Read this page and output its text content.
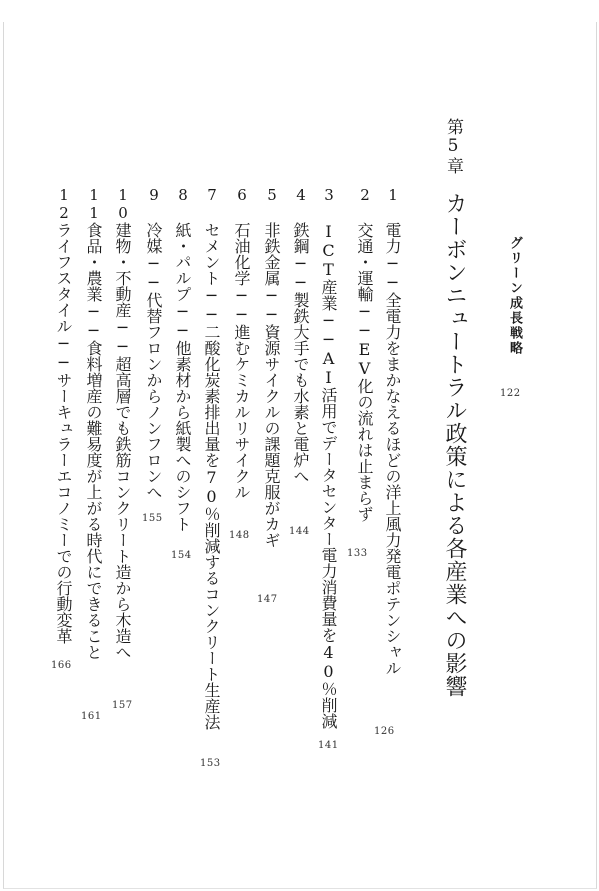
グリーン成長戦略
122
第5章
カーボンニュートラル政策による各産業への影響
1
電力──全電力をまかなえるほどの洋上風力発電ポテンシャル
126
2
交通・運輸──EV化の流れは止まらず
133
3
ICT産業──AI活用でデータセンター電力消費量を40％削減
141
4
鉄鋼──製鉄大手でも水素と電炉へ
144
5
非鉄金属──資源サイクルの課題克服がカギ
147
6
石油化学──進むケミカルリサイクル
148
7
セメント──二酸化炭素排出量を70％削減するコンクリート生産法
153
8
紙・パルプ──他素材から紙製へのシフト
154
9
冷媒──代替フロンからノンフロンへ
155
10
建物・不動産──超高層でも鉄筋コンクリート造から木造へ
157
11
食品・農業──食料増産の難易度が上がる時代にできること
161
12
ライフスタイル──サーキュラーエコノミーでの行動変革
166
